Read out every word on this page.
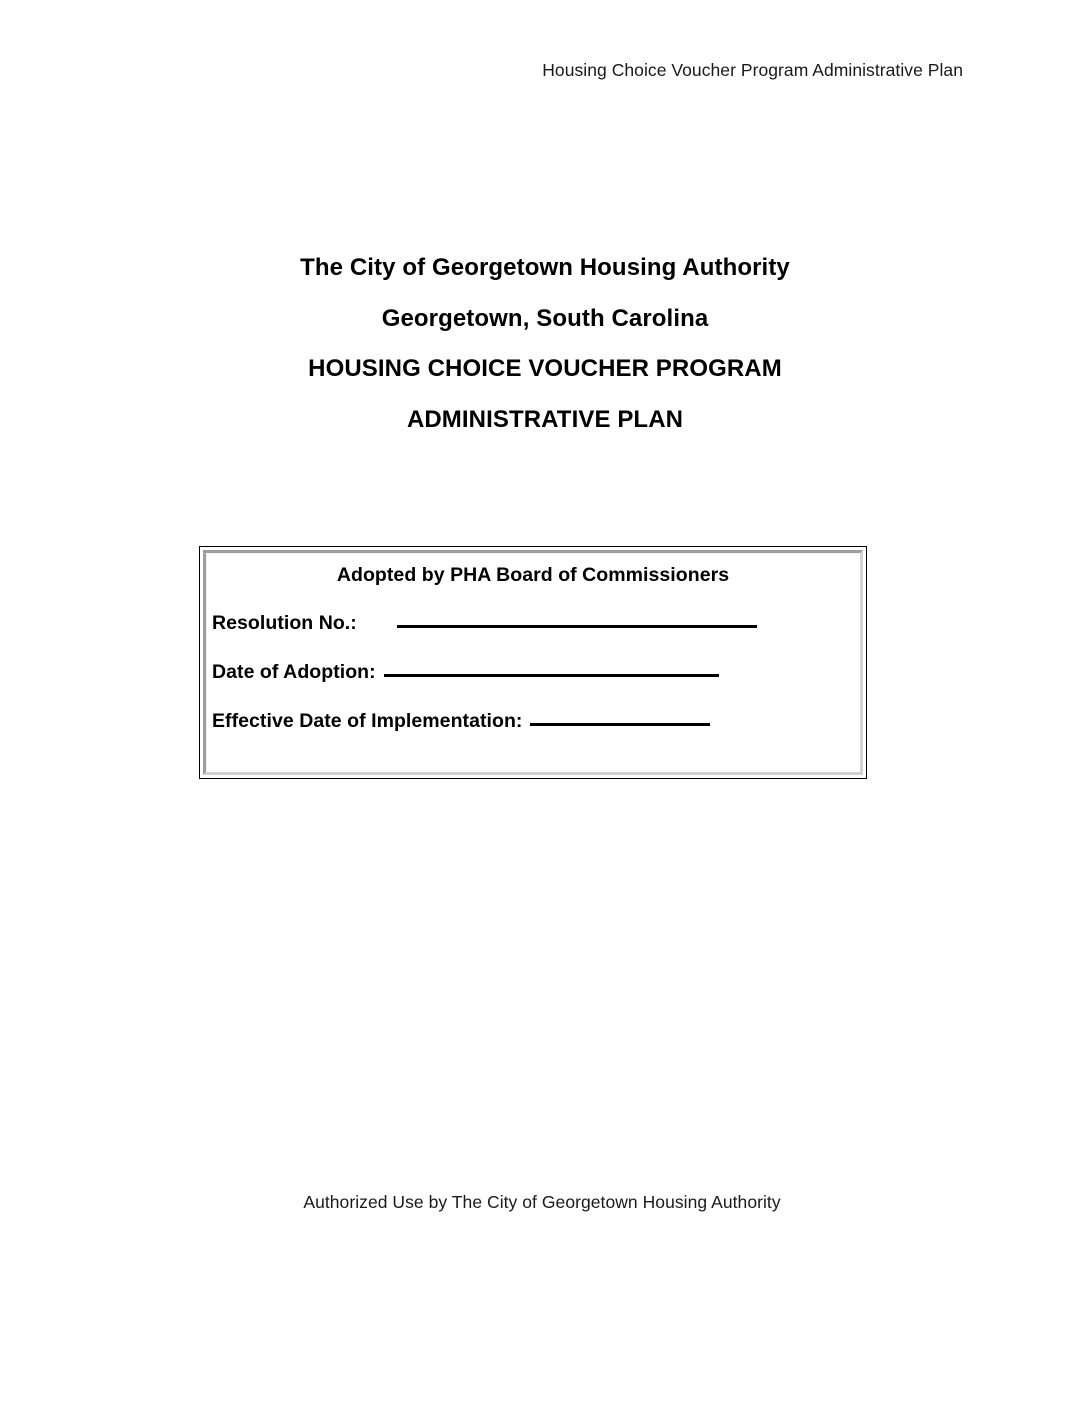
Housing Choice Voucher Program Administrative Plan
The City of Georgetown Housing Authority
Georgetown, South Carolina
HOUSING CHOICE VOUCHER PROGRAM
ADMINISTRATIVE PLAN
Adopted by PHA Board of Commissioners
Resolution No.:
Date of Adoption:
Effective Date of Implementation:
Authorized Use by The City of Georgetown Housing Authority
